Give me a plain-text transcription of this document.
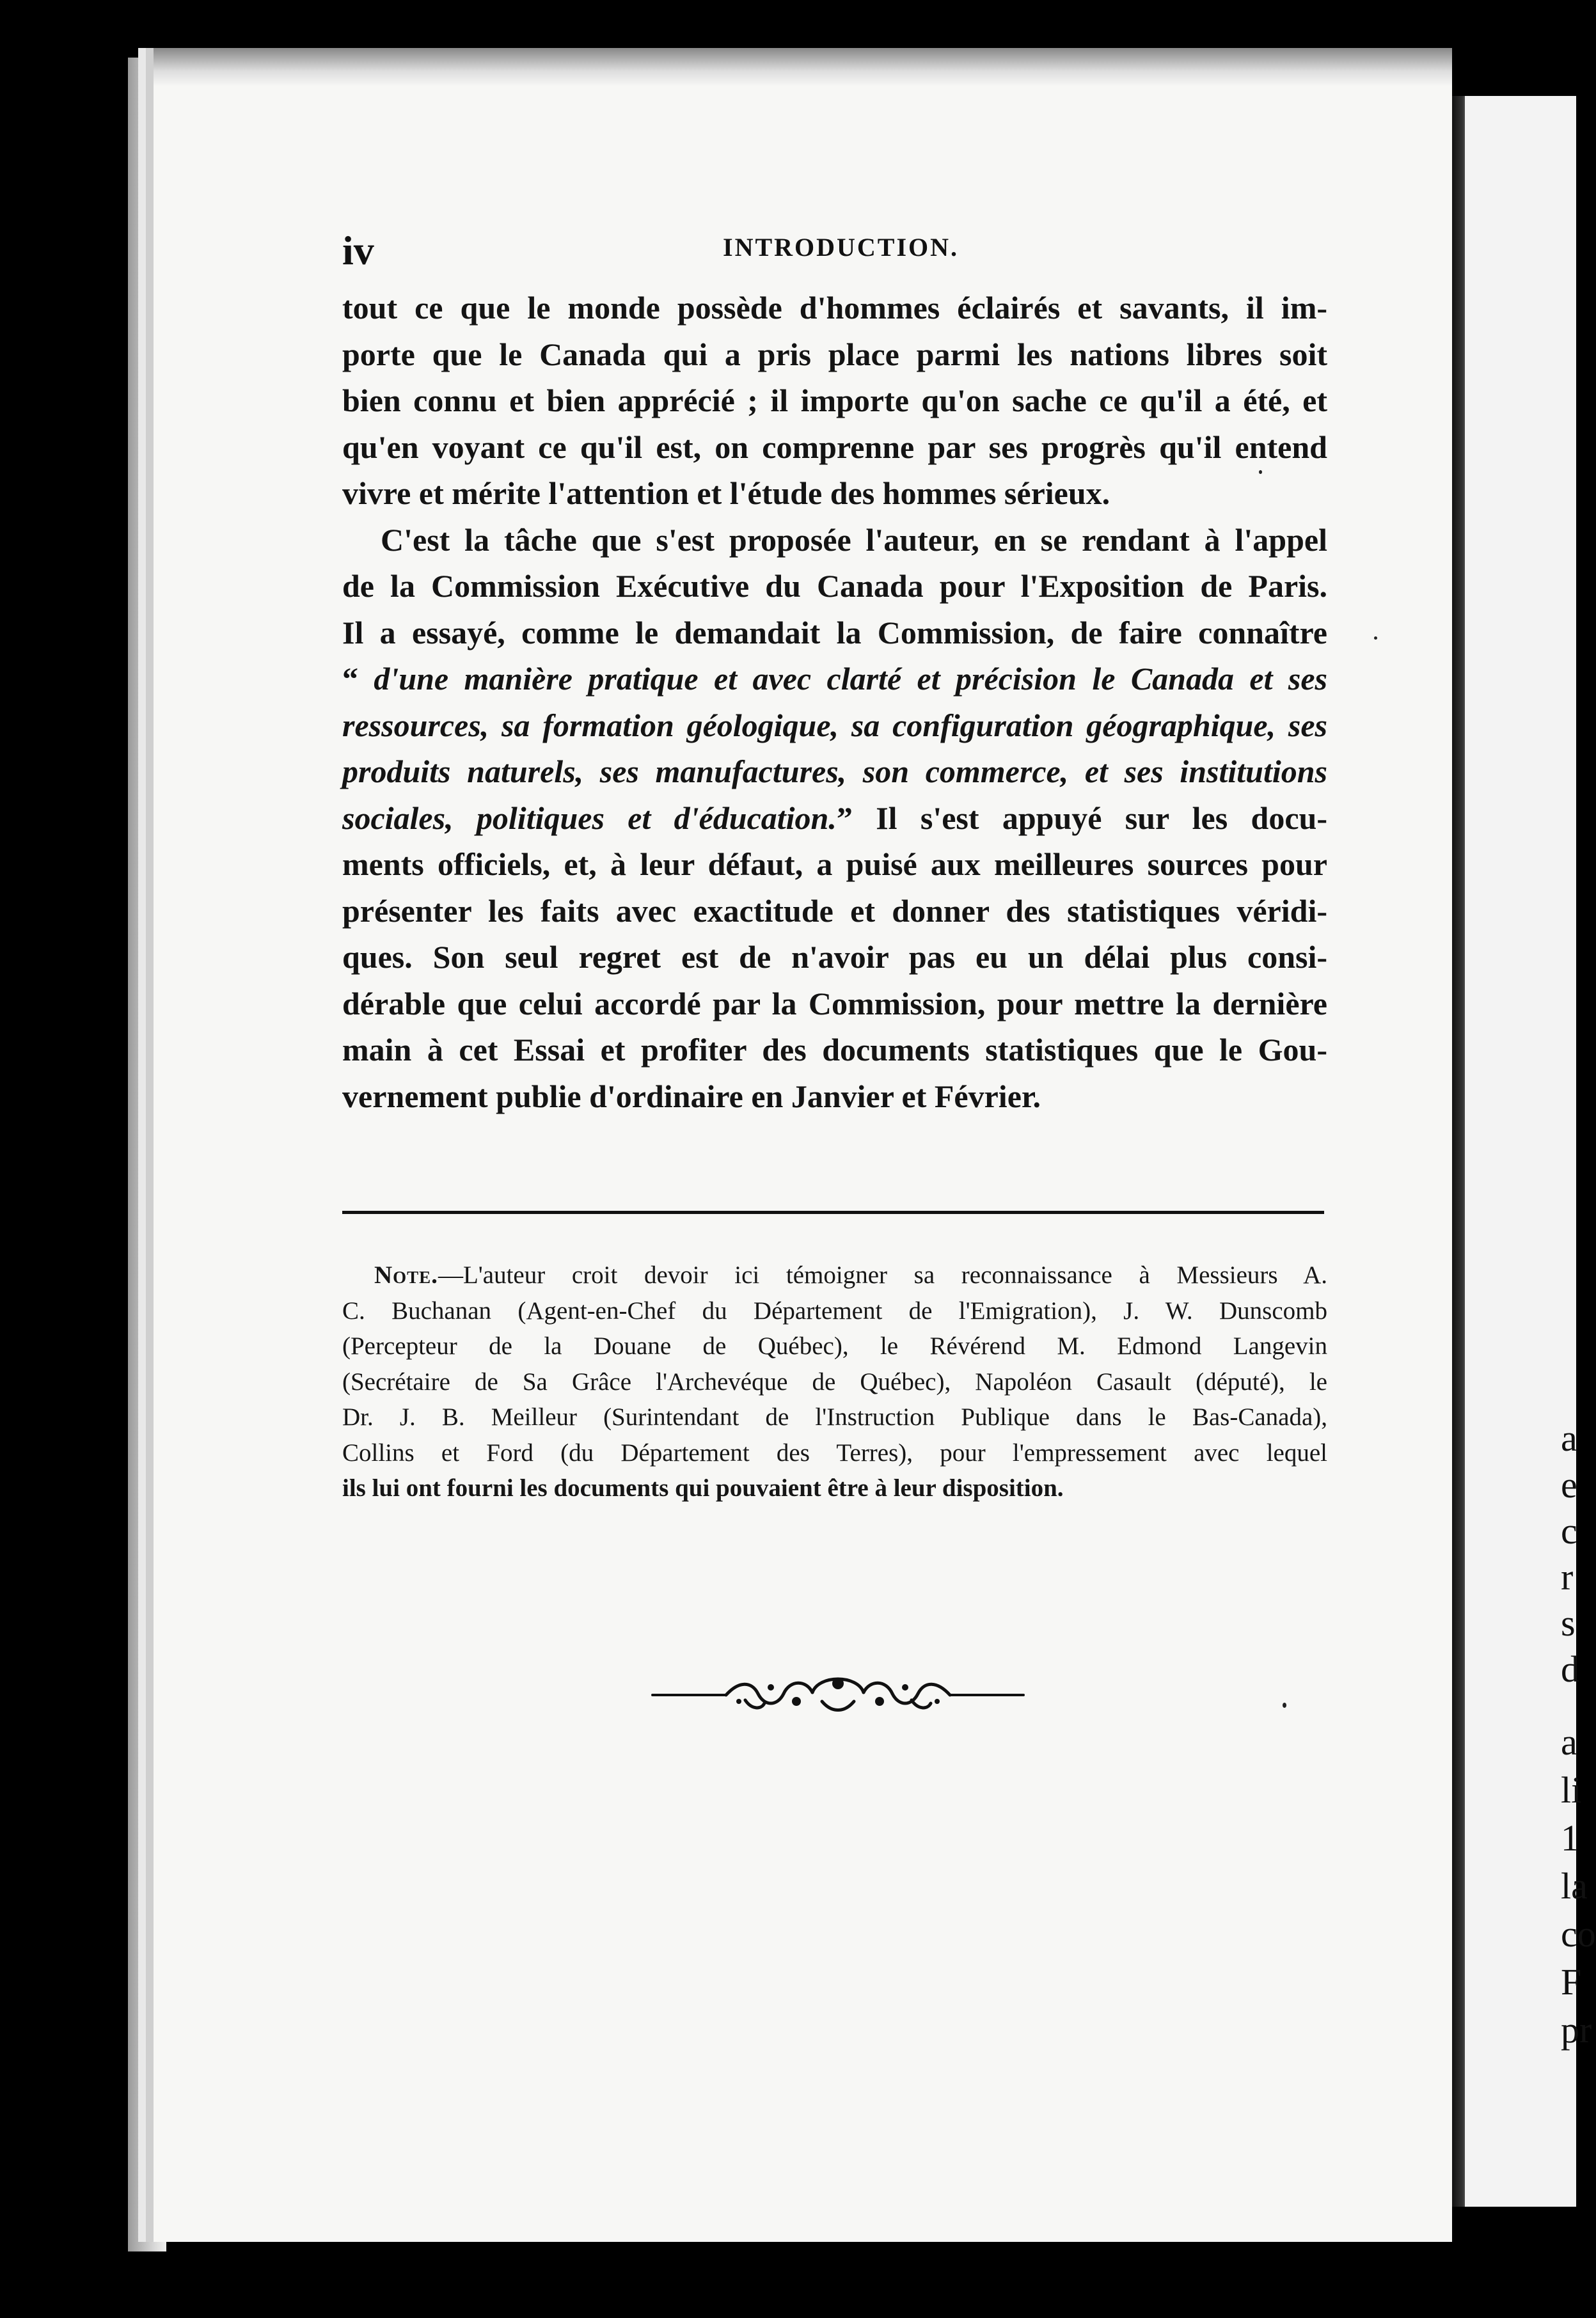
a
e
c
r
s
d
a
li
1
la
co
F
pr
iv	INTRODUCTION.

tout ce que le monde possède d'hommes éclairés et savants, il im-

porte que le Canada qui a pris place parmi les nations libres soit

bien connu et bien apprécié ; il importe qu'on sache ce qu'il a été, et

qu'en voyant ce qu'il est, on comprenne par ses progrès qu'il entend

vivre et mérite l'attention et l'étude des hommes sérieux.

C'est la tâche que s'est proposée l'auteur, en se rendant à l'appel

de la Commission Exécutive du Canada pour l'Exposition de Paris.

Il a essayé, comme le demandait la Commission, de faire connaître

“ d'une manière pratique et avec clarté et précision le Canada et ses

ressources, sa formation géologique, sa configuration géographique, ses

produits naturels, ses manufactures, son commerce, et ses institutions

sociales, politiques et d'éducation.” Il s'est appuyé sur les docu-

ments officiels, et, à leur défaut, a puisé aux meilleures sources pour

présenter les faits avec exactitude et donner des statistiques véridi-

ques. Son seul regret est de n'avoir pas eu un délai plus consi-

dérable que celui accordé par la Commission, pour mettre la dernière

main à cet Essai et profiter des documents statistiques que le Gou-

vernement publie d'ordinaire en Janvier et Février.

Note.—L'auteur croit devoir ici témoigner sa reconnaissance à Messieurs A.

C. Buchanan (Agent-en-Chef du Département de l'Emigration), J. W. Dunscomb

(Percepteur de la Douane de Québec), le Révérend M. Edmond Langevin

(Secrétaire de Sa Grâce l'Archevéque de Québec), Napoléon Casault (député), le

Dr. J. B. Meilleur (Surintendant de l'Instruction Publique dans le Bas-Canada),

Collins et Ford (du Département des Terres), pour l'empressement avec lequel

ils lui ont fourni les documents qui pouvaient être à leur disposition.
